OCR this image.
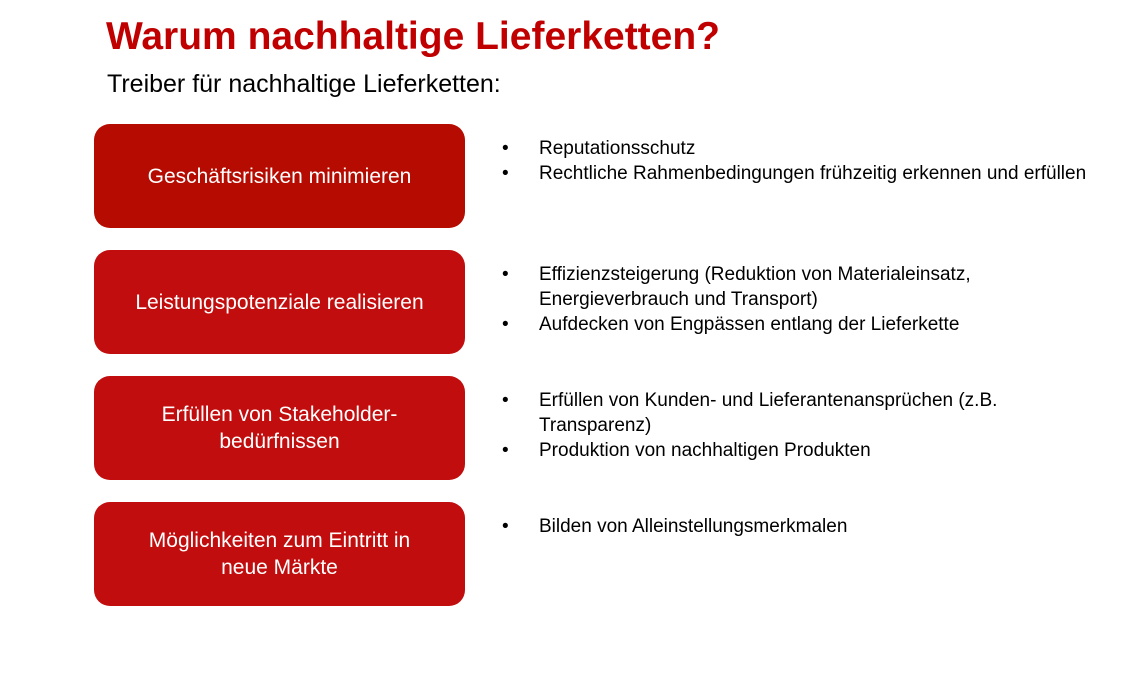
Warum nachhaltige Lieferketten?

Treiber für nachhaltige Lieferketten:

Geschäftsrisiken minimieren
• Reputationsschutz
• Rechtliche Rahmenbedingungen frühzeitig erkennen und erfüllen
Leistungspotenziale realisieren
• Effizienzsteigerung (Reduktion von Materialeinsatz, Energieverbrauch und Transport)
• Aufdecken von Engpässen entlang der Lieferkette
Erfüllen von Stakeholder-bedürfnissen
• Erfüllen von Kunden- und Lieferantenansprüchen (z.B. Transparenz)
• Produktion von nachhaltigen Produkten
Möglichkeiten zum Eintritt in neue Märkte
• Bilden von Alleinstellungsmerkmalen
